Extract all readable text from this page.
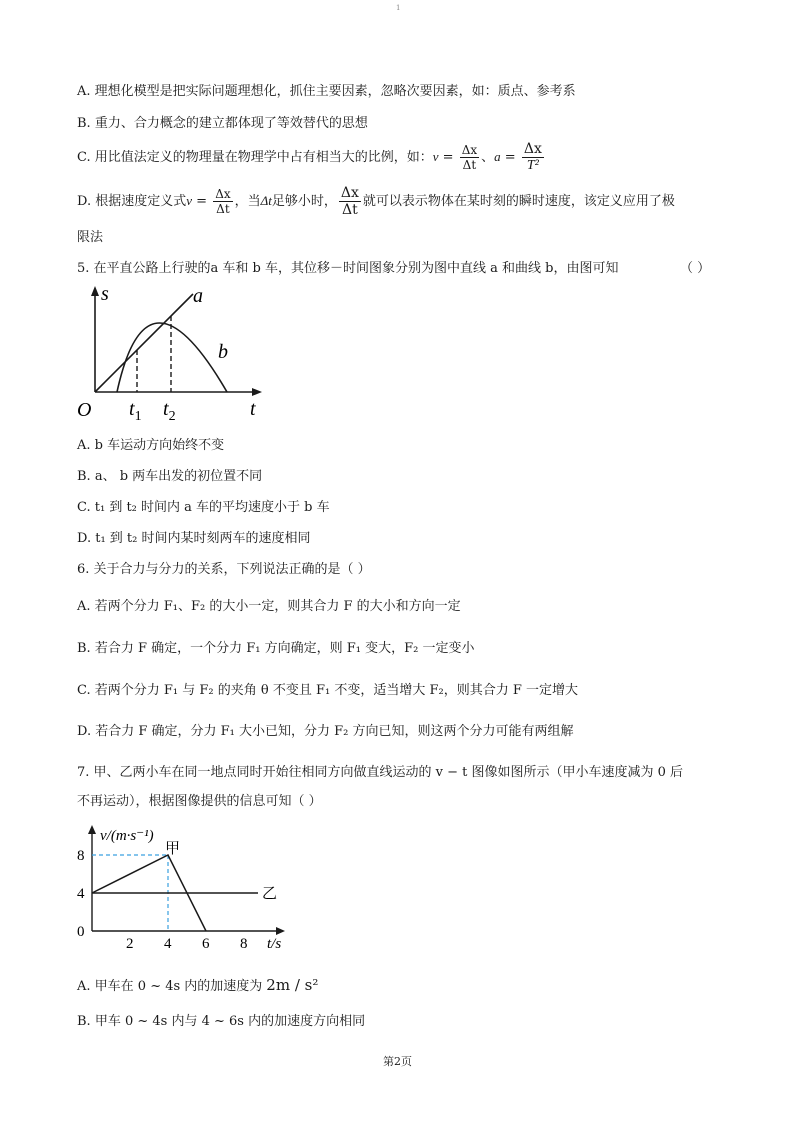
1
A. 理想化模型是把实际问题理想化，抓住主要因素，忽略次要因素，如：质点、参考系
B. 重力、合力概念的建立都体现了等效替代的思想
C. 用比值法定义的物理量在物理学中占有相当大的比例，如：$v = \frac{\Delta x}{\Delta t}$ 、$a = \frac{\Delta x}{\text{T²}}$
D. 根据速度定义式$v = \frac{\Delta x}{\Delta t}$ ，当Δt足够小时， $\frac{\Delta x}{\Delta t}$ 就可以表示物体在某时刻的瞬时速度，该定义应用了极
限法
5. 在平直公路上行驶的a 车和 b 车，其位移－时间图象分别为图中直线 a 和曲线 b，由图可知	（ ）
s
t
O
a
b
$t_1$ $t_2$
A. b 车运动方向始终不变
B. a、 b 两车出发的初位置不同
C. t₁ 到 t₂ 时间内 a 车的平均速度小于 b 车
D. t₁ 到 t₂ 时间内某时刻两车的速度相同
6. 关于合力与分力的关系，下列说法正确的是（ ）
A. 若两个分力 F₁、F₂ 的大小一定，则其合力 F 的大小和方向一定
B. 若合力 F 确定，一个分力 F₁ 方向确定，则 F₁ 变大，F₂ 一定变小
C. 若两个分力 F₁ 与 F₂ 的夹角 θ 不变且 F₁ 不变，适当增大 F₂，则其合力 F 一定增大
D. 若合力 F 确定，分力 F₁ 大小已知，分力 F₂ 方向已知，则这两个分力可能有两组解
7. 甲、乙两小车在同一地点同时开始往相同方向做直线运动的 v − t 图像如图所示（甲小车速度减为 0 后
不再运动），根据图像提供的信息可知（ ）
v/(m·s⁻¹)
t/s
8
4
0
2 4 6 8
甲
乙
A. 甲车在 0 ~ 4s 内的加速度为 2m / s²
B. 甲车 0 ~ 4s 内与 4 ~ 6s 内的加速度方向相同
第2页
